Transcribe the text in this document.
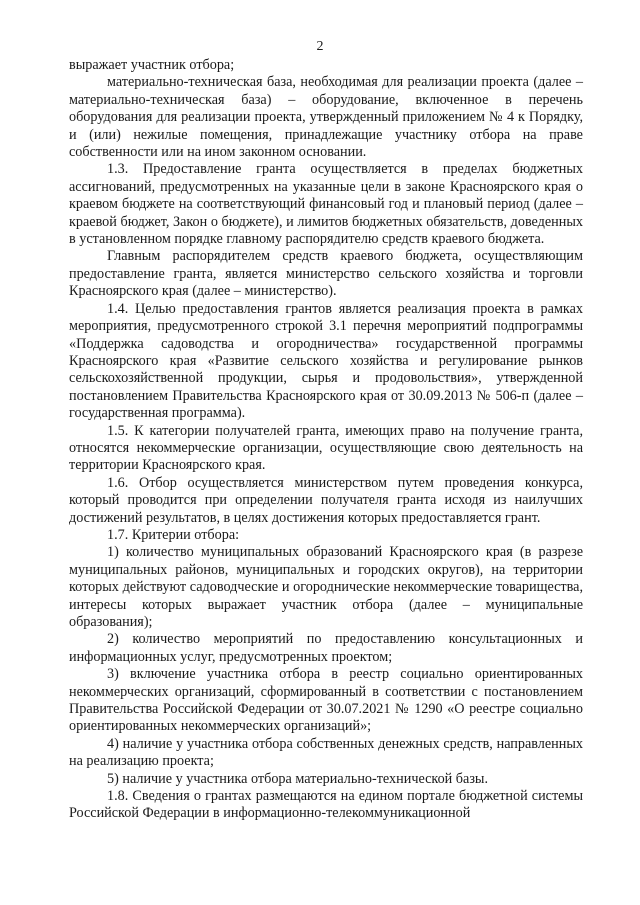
2

выражает участник отбора;

материально-техническая база, необходимая для реализации проекта (далее – материально-техническая база) – оборудование, включенное в перечень оборудования для реализации проекта, утвержденный приложением № 4 к Порядку, и (или) нежилые помещения, принадлежащие участнику отбора на праве собственности или на ином законном основании.

1.3. Предоставление гранта осуществляется в пределах бюджетных ассигнований, предусмотренных на указанные цели в законе Красноярского края о краевом бюджете на соответствующий финансовый год и плановый период (далее – краевой бюджет, Закон о бюджете), и лимитов бюджетных обязательств, доведенных в установленном порядке главному распорядителю средств краевого бюджета.

Главным распорядителем средств краевого бюджета, осуществляющим предоставление гранта, является министерство сельского хозяйства и торговли Красноярского края (далее – министерство).

1.4. Целью предоставления грантов является реализация проекта в рамках мероприятия, предусмотренного строкой 3.1 перечня мероприятий подпрограммы «Поддержка садоводства и огородничества» государственной программы Красноярского края «Развитие сельского хозяйства и регулирование рынков сельскохозяйственной продукции, сырья и продовольствия», утвержденной постановлением Правительства Красноярского края от 30.09.2013 № 506-п (далее – государственная программа).

1.5. К категории получателей гранта, имеющих право на получение гранта, относятся некоммерческие организации, осуществляющие свою деятельность на территории Красноярского края.

1.6. Отбор осуществляется министерством путем проведения конкурса, который проводится при определении получателя гранта исходя из наилучших достижений результатов, в целях достижения которых предоставляется грант.

1.7. Критерии отбора:

1) количество муниципальных образований Красноярского края (в разрезе муниципальных районов, муниципальных и городских округов), на территории которых действуют садоводческие и огороднические некоммерческие товарищества, интересы которых выражает участник отбора (далее – муниципальные образования);

2) количество мероприятий по предоставлению консультационных и информационных услуг, предусмотренных проектом;

3) включение участника отбора в реестр социально ориентированных некоммерческих организаций, сформированный в соответствии с постановлением Правительства Российской Федерации от 30.07.2021 № 1290 «О реестре социально ориентированных некоммерческих организаций»;

4) наличие у участника отбора собственных денежных средств, направленных на реализацию проекта;

5) наличие у участника отбора материально-технической базы.

1.8. Сведения о грантах размещаются на едином портале бюджетной системы Российской Федерации в информационно-телекоммуникационной
